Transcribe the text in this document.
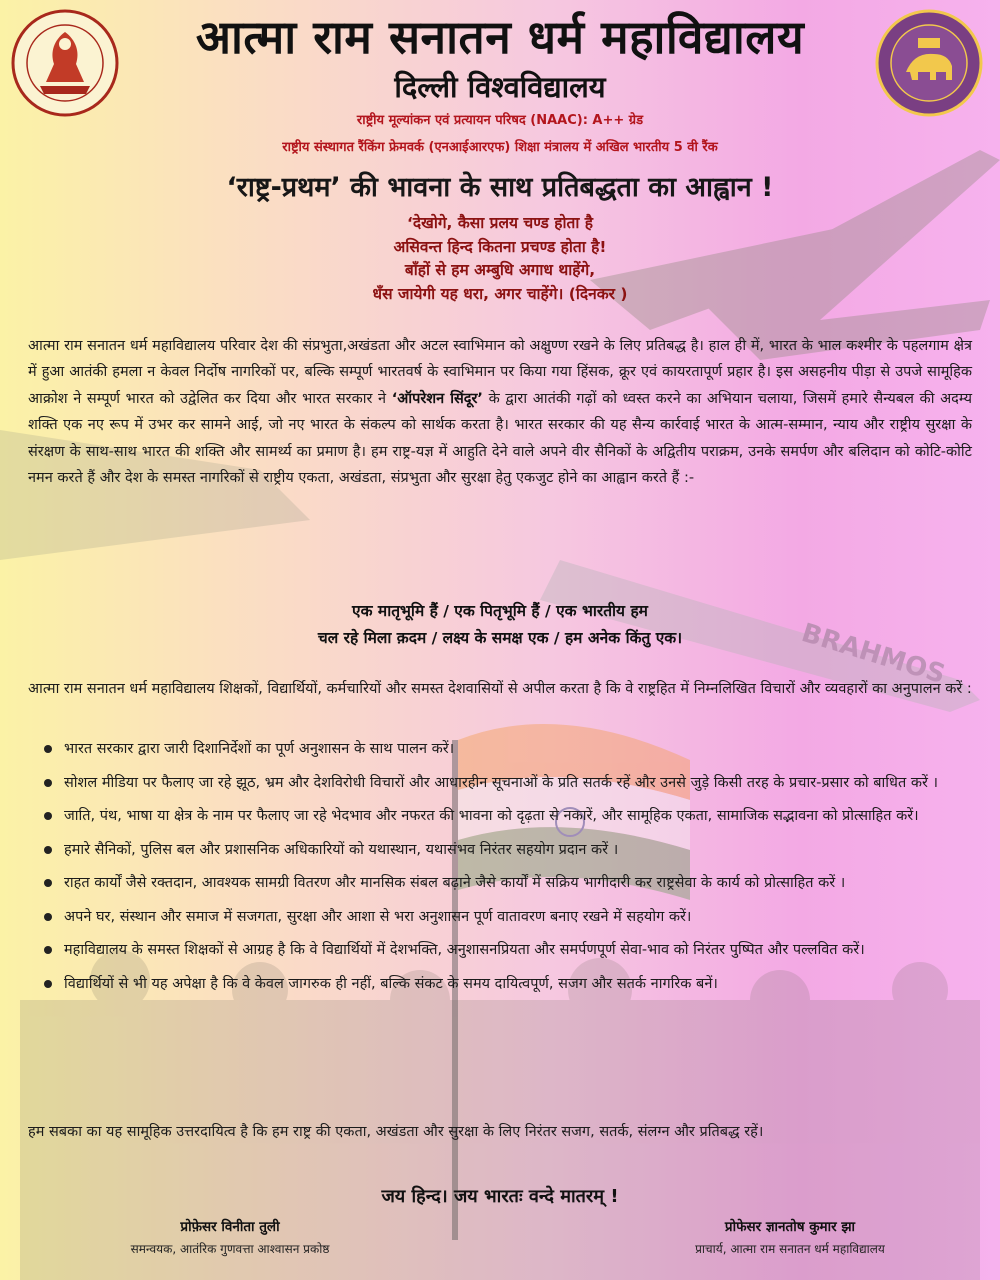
BRAHMOS
आत्मा राम सनातन धर्म महाविद्यालय
दिल्ली विश्वविद्यालय
राष्ट्रीय मूल्यांकन एवं प्रत्यायन परिषद (NAAC): A++ ग्रेड
राष्ट्रीय संस्थागत रैंकिंग फ्रेमवर्क (एनआईआरएफ) शिक्षा मंत्रालय में अखिल भारतीय 5 वी रैंक
‘राष्ट्र-प्रथम’ की भावना के साथ प्रतिबद्धता का आह्वान !
‘देखोगे, कैसा प्रलय चण्ड होता है
असिवन्त हिन्द कितना प्रचण्ड होता है!
बाँहों से हम अम्बुधि अगाध थाहेंगे,
धँस जायेगी यह धरा, अगर चाहेंगे। (दिनकर )

आत्मा राम सनातन धर्म महाविद्यालय परिवार देश की संप्रभुता,अखंडता और अटल स्वाभिमान को अक्षुण्ण रखने के लिए प्रतिबद्ध है। हाल ही में, भारत के भाल कश्मीर के पहलगाम क्षेत्र में हुआ आतंकी हमला न केवल निर्दोष नागरिकों पर, बल्कि सम्पूर्ण भारतवर्ष के स्वाभिमान पर किया गया हिंसक, क्रूर एवं कायरतापूर्ण प्रहार है। इस असहनीय पीड़ा से उपजे सामूहिक आक्रोश ने सम्पूर्ण भारत को उद्वेलित कर दिया और भारत सरकार ने ‘ऑपरेशन सिंदूर’ के द्वारा आतंकी गढ़ों को ध्वस्त करने का अभियान चलाया, जिसमें हमारे सैन्यबल की अदम्य शक्ति एक नए रूप में उभर कर सामने आई, जो नए भारत के संकल्प को सार्थक करता है। भारत सरकार की यह सैन्य कार्रवाई भारत के आत्म-सम्मान, न्याय और राष्ट्रीय सुरक्षा के संरक्षण के साथ-साथ भारत की शक्ति और सामर्थ्य का प्रमाण है। हम राष्ट्र-यज्ञ में आहुति देने वाले अपने वीर सैनिकों के अद्वितीय पराक्रम, उनके समर्पण और बलिदान को कोटि-कोटि नमन करते हैं और देश के समस्त नागरिकों से राष्ट्रीय एकता, अखंडता, संप्रभुता और सुरक्षा हेतु एकजुट होने का आह्वान करते हैं :-

एक मातृभूमि हैं / एक पितृभूमि हैं / एक भारतीय हम
चल रहे मिला क़दम / लक्ष्य के समक्ष एक / हम अनेक किंतु एक।

आत्मा राम सनातन धर्म महाविद्यालय शिक्षकों, विद्यार्थियों, कर्मचारियों और समस्त देशवासियों से अपील करता है कि वे राष्ट्रहित में निम्नलिखित विचारों और व्यवहारों का अनुपालन करें :

भारत सरकार द्वारा जारी दिशानिर्देशों का पूर्ण अनुशासन के साथ पालन करें।
सोशल मीडिया पर फैलाए जा रहे झूठ, भ्रम और देशविरोधी विचारों और आधारहीन सूचनाओं के प्रति सतर्क रहें और उनसे जुड़े किसी तरह के प्रचार-प्रसार को बाधित करें ।
जाति, पंथ, भाषा या क्षेत्र के नाम पर फैलाए जा रहे भेदभाव और नफरत की भावना को दृढ़ता से नकारें, और सामूहिक एकता, सामाजिक सद्भावना को प्रोत्साहित करें।
हमारे सैनिकों, पुलिस बल और प्रशासनिक अधिकारियों को यथास्थान, यथासंभव निरंतर सहयोग प्रदान करें ।
राहत कार्यों जैसे रक्तदान, आवश्यक सामग्री वितरण और मानसिक संबल बढ़ाने जैसे कार्यों में सक्रिय भागीदारी कर राष्ट्रसेवा के कार्य को प्रोत्साहित करें ।
अपने घर, संस्थान और समाज में सजगता, सुरक्षा और आशा से भरा अनुशासन पूर्ण वातावरण बनाए रखने में सहयोग करें।
महाविद्यालय के समस्त शिक्षकों से आग्रह है कि वे विद्यार्थियों में देशभक्ति, अनुशासनप्रियता और समर्पणपूर्ण सेवा-भाव को निरंतर पुष्पित और पल्लवित करें।
विद्यार्थियों से भी यह अपेक्षा है कि वे केवल जागरुक ही नहीं, बल्कि संकट के समय दायित्वपूर्ण, सजग और सतर्क नागरिक बनें।

हम सबका का यह सामूहिक उत्तरदायित्व है कि हम राष्ट्र की एकता, अखंडता और सुरक्षा के लिए निरंतर सजग, सतर्क, संलग्न और प्रतिबद्ध रहें।

जय हिन्द। जय भारतः वन्दे मातरम् !
प्रोफ़ेसर विनीता तुली
समन्वयक, आतंरिक गुणवत्ता आश्वासन प्रकोष्ठ
प्रोफेसर ज्ञानतोष कुमार झा
प्राचार्य, आत्मा राम सनातन धर्म महाविद्यालय
